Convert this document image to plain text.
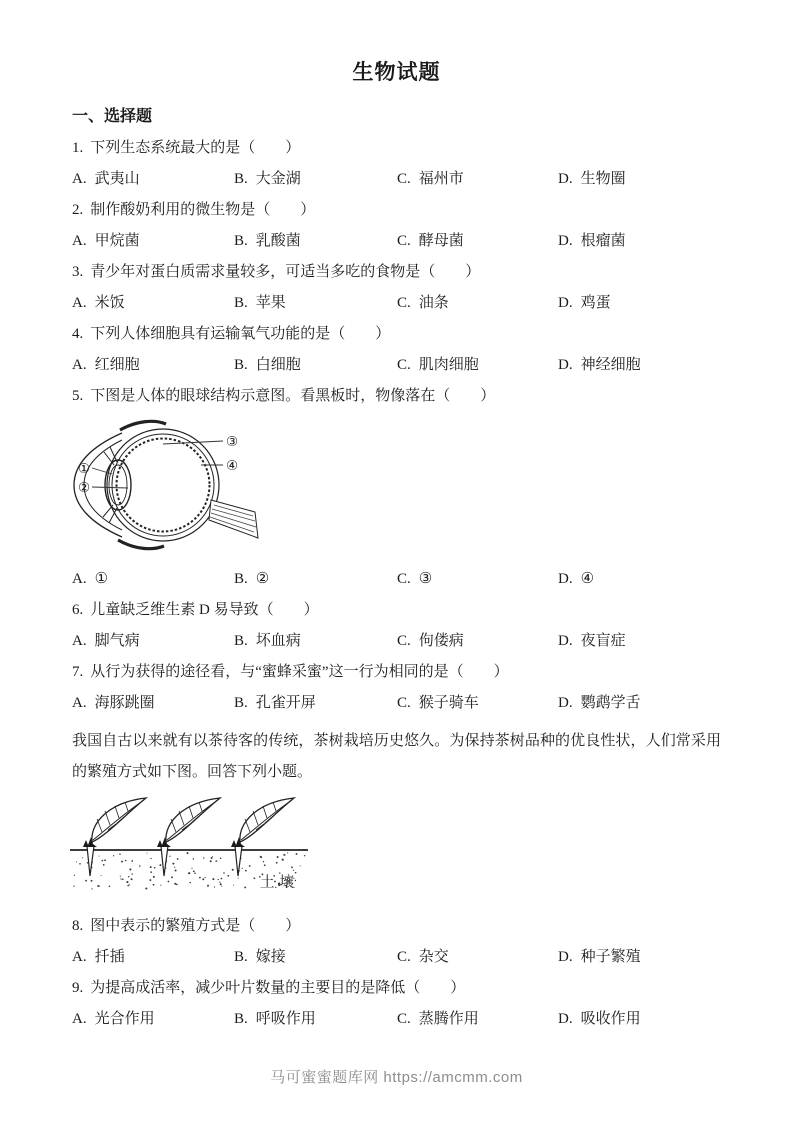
生物试题
一、选择题
1. 下列生态系统最大的是（　　）
A. 武夷山	B. 大金湖	C. 福州市	D. 生物圈
2. 制作酸奶利用的微生物是（　　）
A. 甲烷菌	B. 乳酸菌	C. 酵母菌	D. 根瘤菌
3. 青少年对蛋白质需求量较多，可适当多吃的食物是（　　）
A. 米饭	B. 苹果	C. 油条	D. 鸡蛋
4. 下列人体细胞具有运输氧气功能的是（　　）
A. 红细胞	B. 白细胞	C. 肌肉细胞	D. 神经细胞
5. 下图是人体的眼球结构示意图。看黑板时，物像落在（　　）
①
②
③
④
A. ①	B. ②	C. ③	D. ④
6. 儿童缺乏维生素 D 易导致（　　）
A. 脚气病	B. 坏血病	C. 佝偻病	D. 夜盲症
7. 从行为获得的途径看，与“蜜蜂采蜜”这一行为相同的是（　　）
A. 海豚跳圈	B. 孔雀开屏	C. 猴子骑车	D. 鹦鹉学舌
我国自古以来就有以茶待客的传统，茶树栽培历史悠久。为保持茶树品种的优良性状，人们常采用的繁殖方式如下图。回答下列小题。
土壤
8. 图中表示的繁殖方式是（　　）
A. 扦插	B. 嫁接	C. 杂交	D. 种子繁殖
9. 为提高成活率，减少叶片数量的主要目的是降低（　　）
A. 光合作用	B. 呼吸作用	C. 蒸腾作用	D. 吸收作用
马可蜜蜜题库网 https://amcmm.com
